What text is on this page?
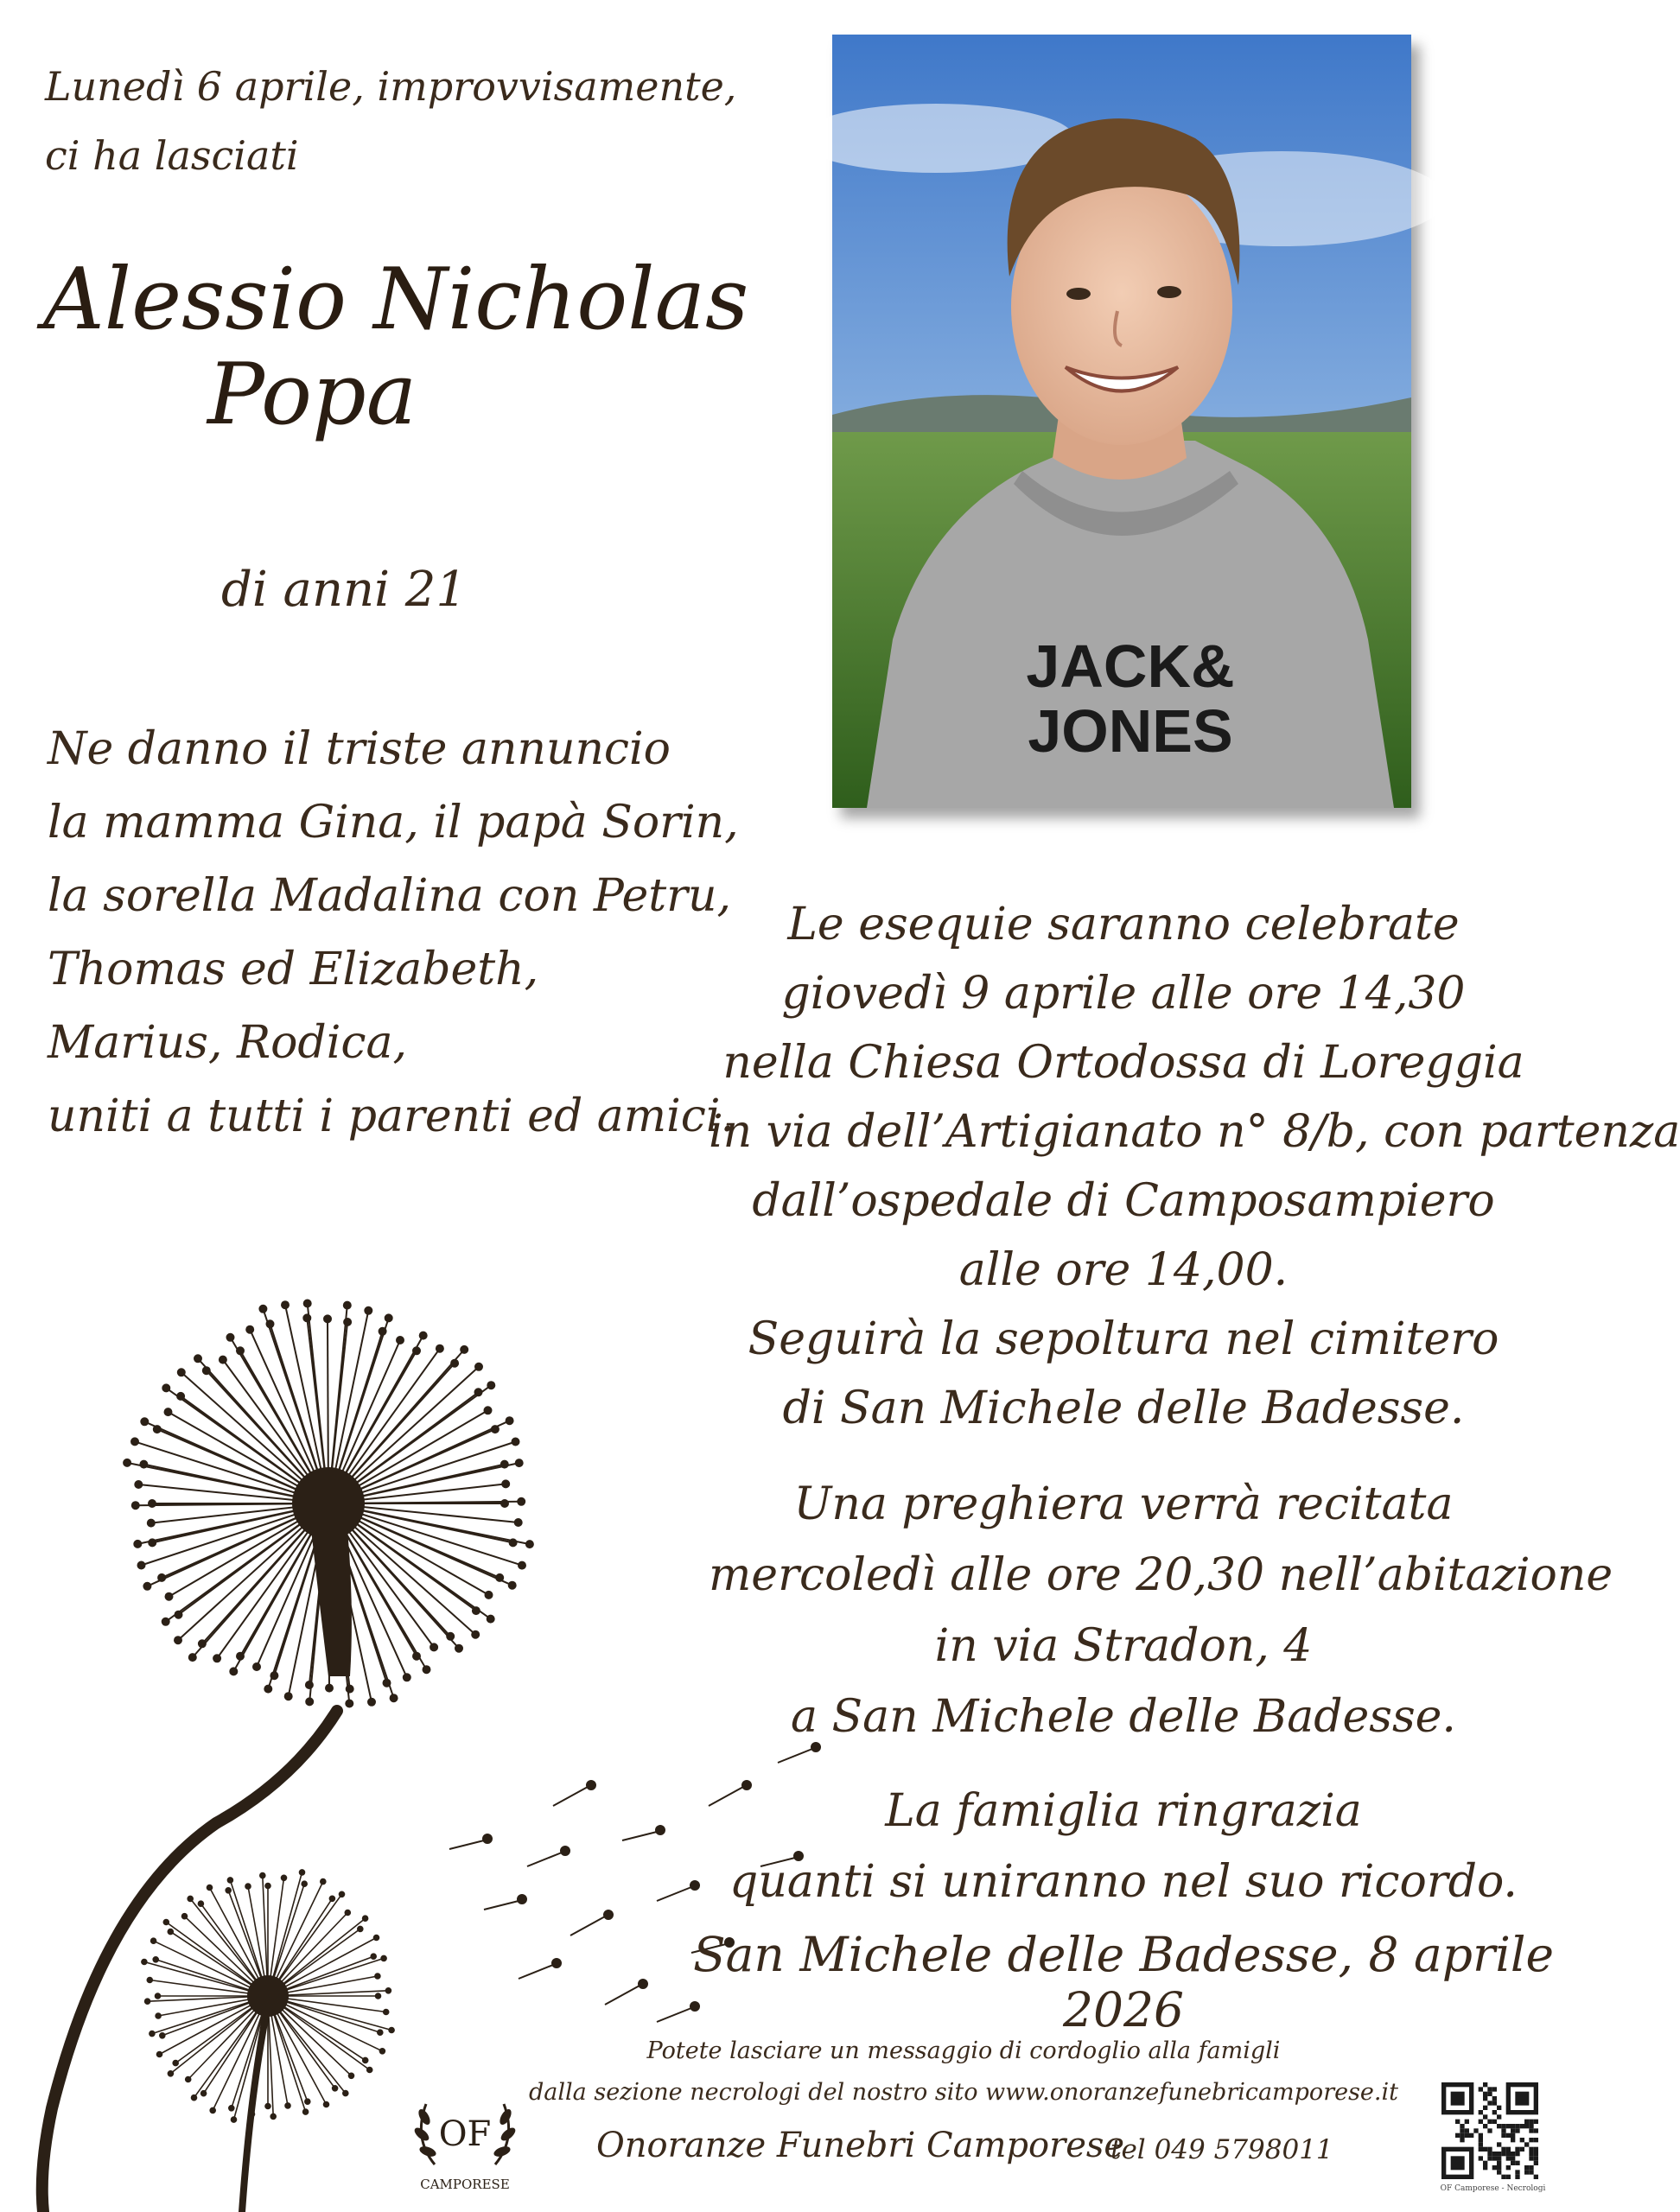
Lunedì 6 aprile, improvvisamente,
ci ha lasciati
Alessio Nicholas
Popa
di anni 21
Ne danno il triste annuncio
la mamma Gina, il papà Sorin,
la sorella Madalina con Petru,
Thomas ed Elizabeth,
Marius, Rodica,
uniti a tutti i parenti ed amici.
JACK&
JONES
Le esequie saranno celebrate
giovedì 9 aprile alle ore 14,30
nella Chiesa Ortodossa di Loreggia
in via dell’Artigianato n° 8/b, con partenza
dall’ospedale di Camposampiero
alle ore 14,00.
Seguirà la sepoltura nel cimitero
di San Michele delle Badesse.
Una preghiera verrà recitata
mercoledì alle ore 20,30 nell’abitazione
in via Stradon, 4
a San Michele delle Badesse.
La famiglia ringrazia
quanti si uniranno nel suo ricordo.
San Michele delle Badesse, 8 aprile 2026
Potete lasciare un messaggio di cordoglio alla famigli
dalla sezione necrologi del nostro sito www.onoranzefunebricamporese.it
OF
CAMPORESE
Onoranze Funebri Camporese
tel 049 5798011
OF Camporese - Necrologi
